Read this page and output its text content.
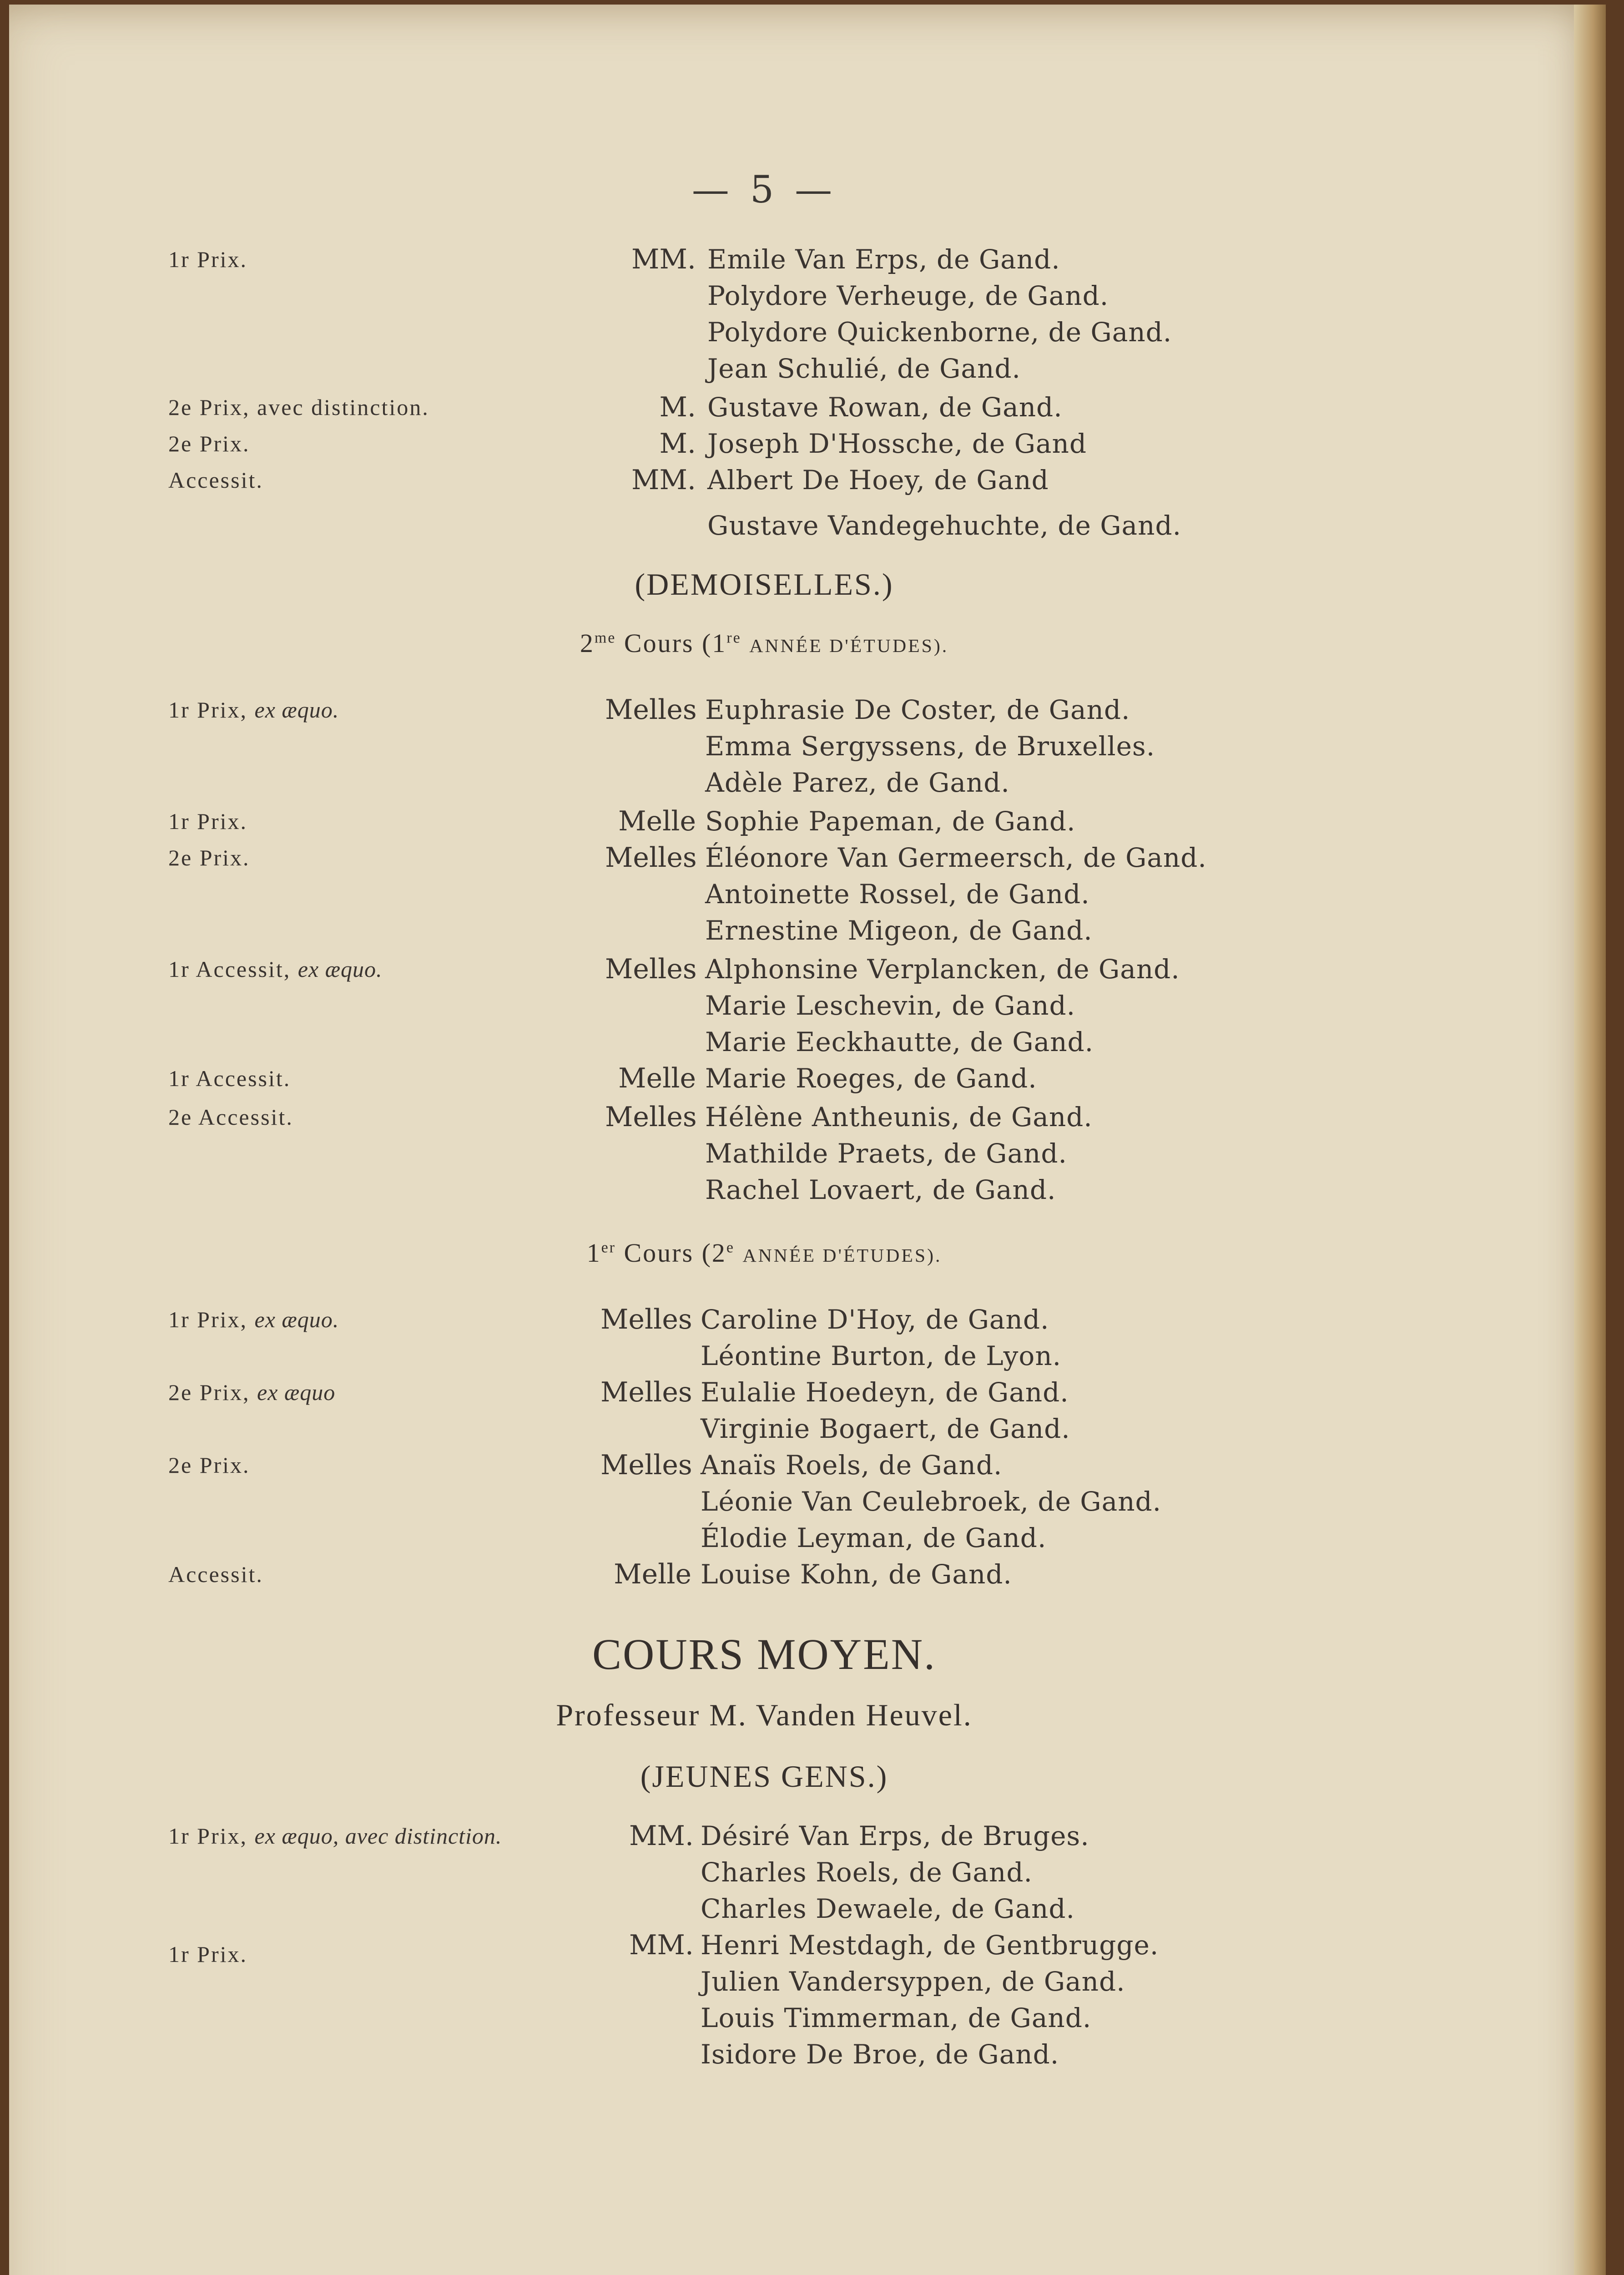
— 5 —
1r Prix.	MM. Emile Van Erps, de Gand.
Polydore Verheuge, de Gand.
Polydore Quickenborne, de Gand.
Jean Schulié, de Gand.
2e Prix, avec distinction.	M. Gustave Rowan, de Gand.
2e Prix.	M. Joseph D'Hossche, de Gand
Accessit.	MM. Albert De Hoey, de Gand
Gustave Vandegehuchte, de Gand.
(DEMOISELLES.)
$2^{me}$ Cours (1re ANNÉE D'ÉTUDES).
1r Prix, ex æquo.	Melles Euphrasie De Coster, de Gand.
Emma Sergyssens, de Bruxelles.
Adèle Parez, de Gand.
1r Prix.	Melle Sophie Papeman, de Gand.
2e Prix.	Melles Éléonore Van Germeersch, de Gand.
Antoinette Rossel, de Gand.
Ernestine Migeon, de Gand.
1r Accessit, ex æquo.	Melles Alphonsine Verplancken, de Gand.
Marie Leschevin, de Gand.
Marie Eeckhautte, de Gand.
1r Accessit.	Melle Marie Roeges, de Gand.
2e Accessit.	Melles Hélène Antheunis, de Gand.
Mathilde Praets, de Gand.
Rachel Lovaert, de Gand.
1er Cours (2e ANNÉE D'ÉTUDES).
1r Prix, ex æquo.	Melles Caroline D'Hoy, de Gand.
Léontine Burton, de Lyon.
2e Prix, ex æquo	Melles Eulalie Hoedeyn, de Gand.
Virginie Bogaert, de Gand.
2e Prix.	Melles Anaïs Roels, de Gand.
Léonie Van Ceulebroek, de Gand.
Élodie Leyman, de Gand.
Accessit.	Melle Louise Kohn, de Gand.
COURS MOYEN.
Professeur M. Vanden Heuvel.
(JEUNES GENS.)
1r Prix, ex æquo, avec distinction.	MM. Désiré Van Erps, de Bruges.
Charles Roels, de Gand.
Charles Dewaele, de Gand.
1r Prix.	MM. Henri Mestdagh, de Gentbrugge.
Julien Vandersyppen, de Gand.
Louis Timmerman, de Gand.
Isidore De Broe, de Gand.
